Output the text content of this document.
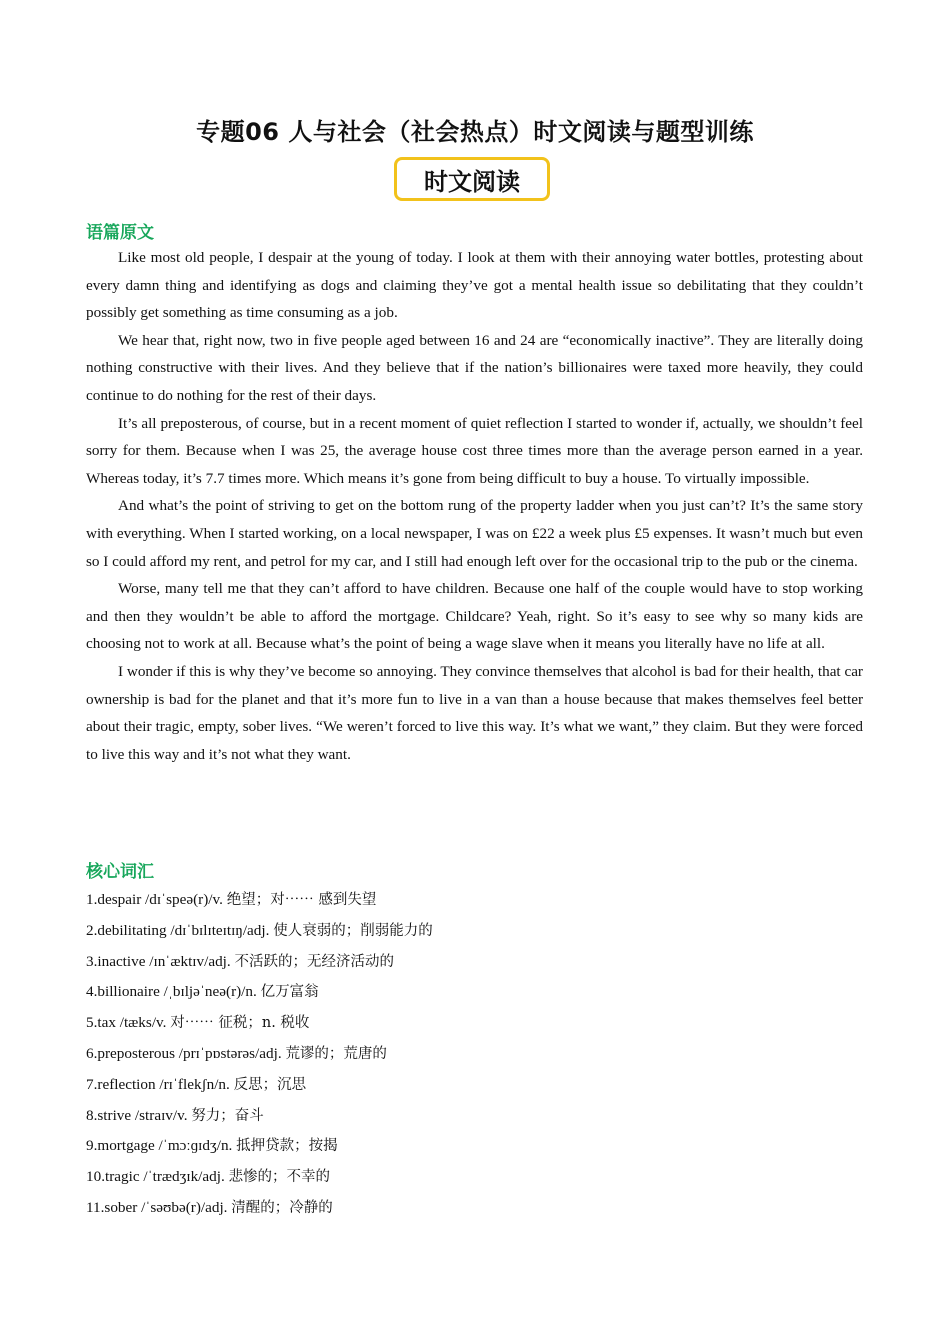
专题06 人与社会（社会热点）时文阅读与题型训练
时文阅读
语篇原文

Like most old people, I despair at the young of today. I look at them with their annoying water bottles, protesting about every damn thing and identifying as dogs and claiming they’ve got a mental health issue so debilitating that they couldn’t possibly get something as time consuming as a job.

We hear that, right now, two in five people aged between 16 and 24 are “economically inactive”. They are literally doing nothing constructive with their lives. And they believe that if the nation’s billionaires were taxed more heavily, they could continue to do nothing for the rest of their days.

It’s all preposterous, of course, but in a recent moment of quiet reflection I started to wonder if, actually, we shouldn’t feel sorry for them. Because when I was 25, the average house cost three times more than the average person earned in a year. Whereas today, it’s 7.7 times more. Which means it’s gone from being difficult to buy a house. To virtually impossible.

And what’s the point of striving to get on the bottom rung of the property ladder when you just can’t? It’s the same story with everything. When I started working, on a local newspaper, I was on £22 a week plus £5 expenses. It wasn’t much but even so I could afford my rent, and petrol for my car, and I still had enough left over for the occasional trip to the pub or the cinema.

Worse, many tell me that they can’t afford to have children. Because one half of the couple would have to stop working and then they wouldn’t be able to afford the mortgage. Childcare? Yeah, right. So it’s easy to see why so many kids are choosing not to work at all. Because what’s the point of being a wage slave when it means you literally have no life at all.

I wonder if this is why they’ve become so annoying. They convince themselves that alcohol is bad for their health, that car ownership is bad for the planet and that it’s more fun to live in a van than a house because that makes themselves feel better about their tragic, empty, sober lives. “We weren’t forced to live this way. It’s what we want,” they claim. But they were forced to live this way and it’s not what they want.

核心词汇
1.despair /dɪˈspeə(r)/v. 绝望；对⋯⋯ 感到失望
2.debilitating /dɪˈbɪlɪteɪtɪŋ/adj. 使人衰弱的；削弱能力的
3.inactive /ɪnˈæktɪv/adj. 不活跃的；无经济活动的
4.billionaire /ˌbɪljəˈneə(r)/n. 亿万富翁
5.tax /tæks/v. 对⋯⋯ 征税；n. 税收
6.preposterous /prɪˈpɒstərəs/adj. 荒谬的；荒唐的
7.reflection /rɪˈflekʃn/n. 反思；沉思
8.strive /straɪv/v. 努力；奋斗
9.mortgage /ˈmɔːɡɪdʒ/n. 抵押贷款；按揭
10.tragic /ˈtrædʒɪk/adj. 悲惨的；不幸的
11.sober /ˈsəʊbə(r)/adj. 清醒的；冷静的
